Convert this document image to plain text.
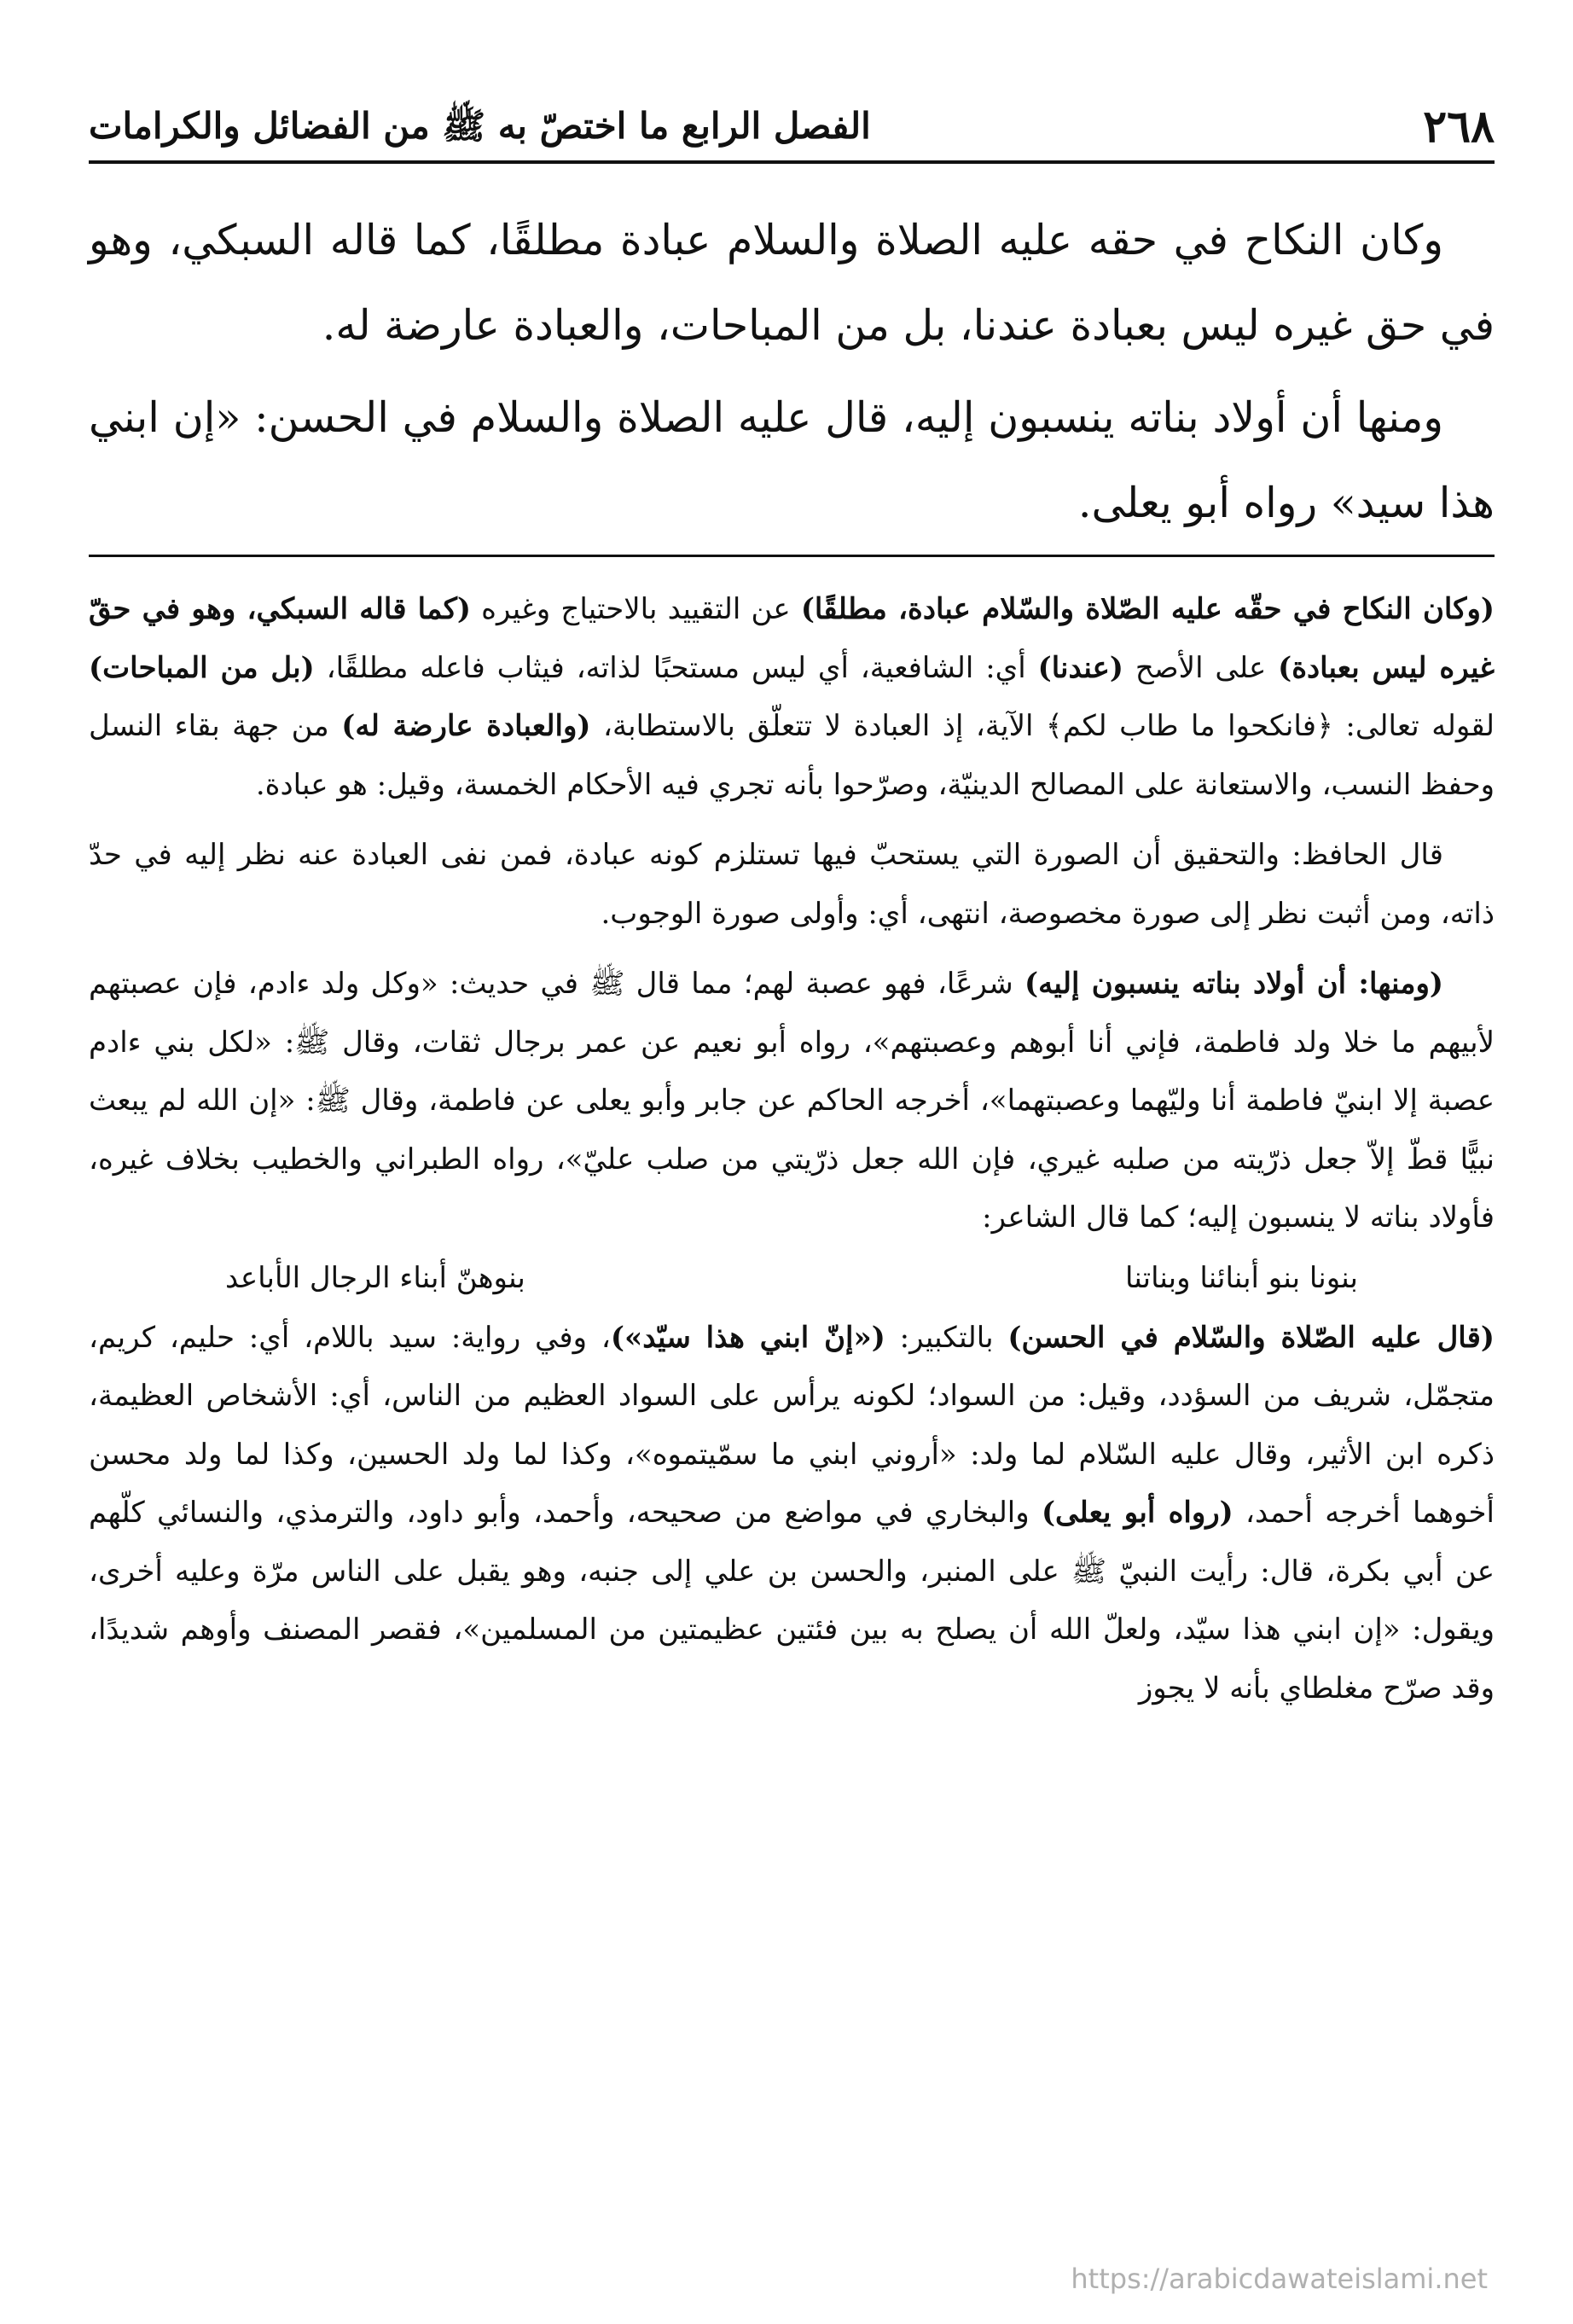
٢٦٨
الفصل الرابع ما اختصّ به ﷺ من الفضائل والكرامات

وكان النكاح في حقه عليه الصلاة والسلام عبادة مطلقًا، كما قاله السبكي، وهو في حق غيره ليس بعبادة عندنا، بل من المباحات، والعبادة عارضة له.

ومنها أن أولاد بناته ينسبون إليه، قال عليه الصلاة والسلام في الحسن: «إن ابني هذا سيد» رواه أبو يعلى.

(وكان النكاح في حقّه عليه الصّلاة والسّلام عبادة، مطلقًا) عن التقييد بالاحتياج وغيره (كما قاله السبكي، وهو في حقّ غيره ليس بعبادة) على الأصح (عندنا) أي: الشافعية، أي ليس مستحبًا لذاته، فيثاب فاعله مطلقًا، (بل من المباحات) لقوله تعالى: ﴿فانكحوا ما طاب لكم﴾ الآية، إذ العبادة لا تتعلّق بالاستطابة، (والعبادة عارضة له) من جهة بقاء النسل وحفظ النسب، والاستعانة على المصالح الدينيّة، وصرّحوا بأنه تجري فيه الأحكام الخمسة، وقيل: هو عبادة.

قال الحافظ: والتحقيق أن الصورة التي يستحبّ فيها تستلزم كونه عبادة، فمن نفى العبادة عنه نظر إليه في حدّ ذاته، ومن أثبت نظر إلى صورة مخصوصة، انتهى، أي: وأولى صورة الوجوب.

(ومنها: أن أولاد بناته ينسبون إليه) شرعًا، فهو عصبة لهم؛ مما قال ﷺ في حديث: «وكل ولد ءادم، فإن عصبتهم لأبيهم ما خلا ولد فاطمة، فإني أنا أبوهم وعصبتهم»، رواه أبو نعيم عن عمر برجال ثقات، وقال ﷺ: «لكل بني ءادم عصبة إلا ابنيّ فاطمة أنا وليّهما وعصبتهما»، أخرجه الحاكم عن جابر وأبو يعلى عن فاطمة، وقال ﷺ: «إن الله لم يبعث نبيًّا قطّ إلاّ جعل ذرّيته من صلبه غيري، فإن الله جعل ذرّيتي من صلب عليّ»، رواه الطبراني والخطيب بخلاف غيره، فأولاد بناته لا ينسبون إليه؛ كما قال الشاعر:

بنونا بنو أبنائنا وبناتنا
بنوهنّ أبناء الرجال الأباعد

(قال عليه الصّلاة والسّلام في الحسن) بالتكبير: («إنّ ابني هذا سيّد»)، وفي رواية: سيد باللام، أي: حليم، كريم، متجمّل، شريف من السؤدد، وقيل: من السواد؛ لكونه يرأس على السواد العظيم من الناس، أي: الأشخاص العظيمة، ذكره ابن الأثير، وقال عليه السّلام لما ولد: «أروني ابني ما سمّيتموه»، وكذا لما ولد الحسين، وكذا لما ولد محسن أخوهما أخرجه أحمد، (رواه أبو يعلى) والبخاري في مواضع من صحيحه، وأحمد، وأبو داود، والترمذي، والنسائي كلّهم عن أبي بكرة، قال: رأيت النبيّ ﷺ على المنبر، والحسن بن علي إلى جنبه، وهو يقبل على الناس مرّة وعليه أخرى، ويقول: «إن ابني هذا سيّد، ولعلّ الله أن يصلح به بين فئتين عظيمتين من المسلمين»، فقصر المصنف وأوهم شديدًا، وقد صرّح مغلطاي بأنه لا يجوز

https://arabicdawateislami.net
